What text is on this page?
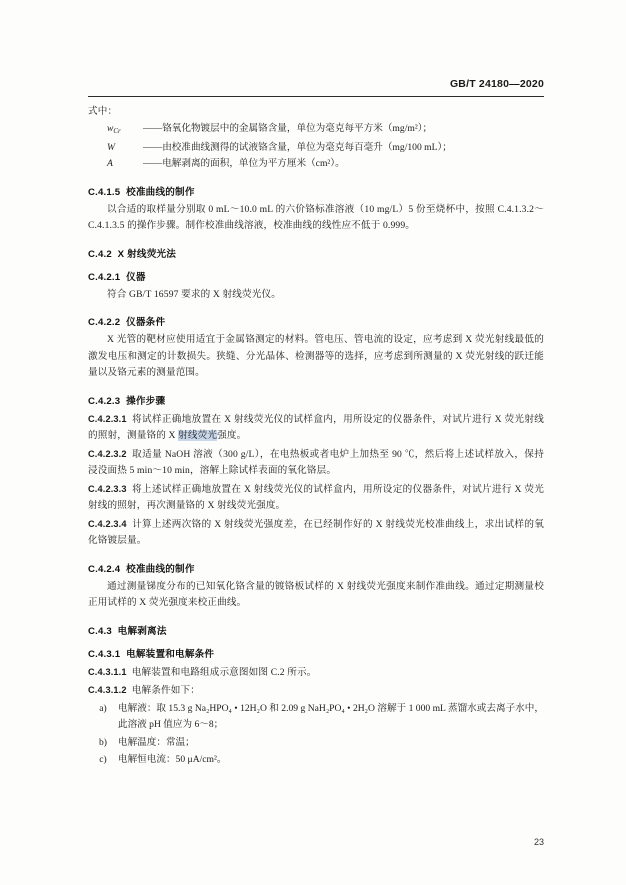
GB/T 24180—2020
式中：
$w_{Cr}$	——铬氧化物镀层中的金属铬含量，单位为毫克每平方米（mg/m²）；
W	——由校准曲线测得的试液铬含量，单位为毫克每百毫升（mg/100 mL）；
A	——电解剥离的面积，单位为平方厘米（cm²）。
C.4.1.5 校准曲线的制作
以合适的取样量分别取 0 mL～10.0 mL 的六价铬标准溶液（10 mg/L）5 份至烧杯中，按照 C.4.1.3.2～C.4.1.3.5 的操作步骤。制作校准曲线溶液，校准曲线的线性应不低于 0.999。
C.4.2 X 射线荧光法
C.4.2.1 仪器
符合 GB/T 16597 要求的 X 射线荧光仪。
C.4.2.2 仪器条件
X 光管的靶材应使用适宜于金属铬测定的材料。管电压、管电流的设定，应考虑到 X 荧光射线最低的激发电压和测定的计数损失。狭缝、分光晶体、检测器等的选择，应考虑到所测量的 X 荧光射线的跃迁能量以及铬元素的测量范围。
C.4.2.3 操作步骤
C.4.2.3.1 将试样正确地放置在 X 射线荧光仪的试样盒内，用所设定的仪器条件，对试片进行 X 荧光射线的照射，测量铬的 X 射线荧光强度。
C.4.2.3.2 取适量 NaOH 溶液（300 g/L），在电热板或者电炉上加热至 90 ℃，然后将上述试样放入，保持浸没面热 5 min～10 min，溶解上除试样表面的氧化铬层。
C.4.2.3.3 将上述试样正确地放置在 X 射线荧光仪的试样盒内，用所设定的仪器条件，对试片进行 X 荧光射线的照射，再次测量铬的 X 射线荧光强度。
C.4.2.3.4 计算上述两次铬的 X 射线荧光强度差，在已经制作好的 X 射线荧光校准曲线上，求出试样的氧化铬镀层量。
C.4.2.4 校准曲线的制作
通过测量锑度分布的已知氧化铬含量的镀铬板试样的 X 射线荧光强度来制作准曲线。通过定期测量校正用试样的 X 荧光强度来校正曲线。
C.4.3 电解剥离法
C.4.3.1 电解装置和电解条件
C.4.3.1.1 电解装置和电路组成示意图如图 C.2 所示。
C.4.3.1.2 电解条件如下：
a)	电解液：取 15.3 g Na₂HPO₄ • 12H₂O 和 2.09 g NaH₂PO₄ • 2H₂O 溶解于 1 000 mL 蒸馏水或去离子水中，此溶液 pH 值应为 6～8；
b)	电解温度：常温；
c)	电解恒电流：50 μA/cm²。
23
